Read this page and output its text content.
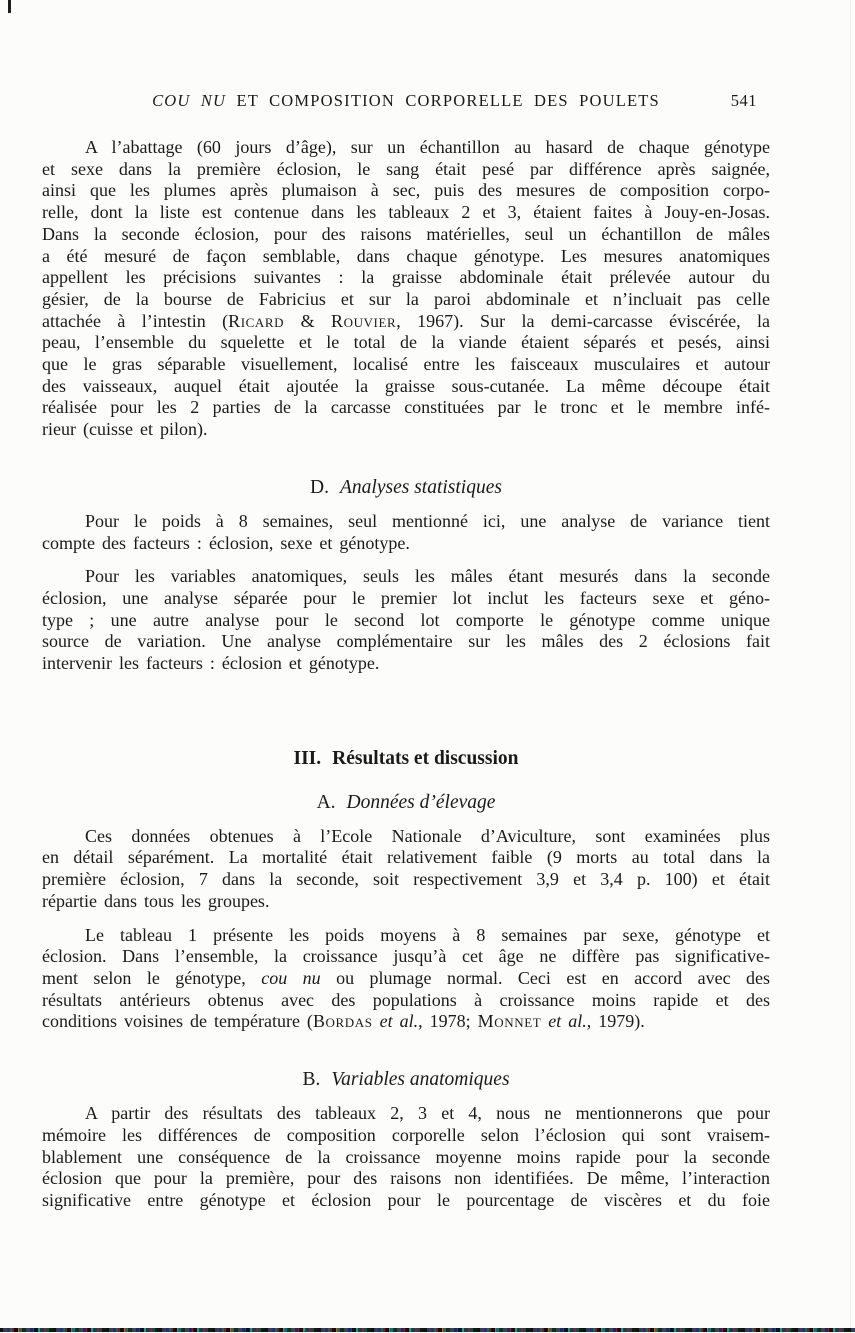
COU NU ET COMPOSITION CORPORELLE DES POULETS	541
A l’abattage (60 jours d’âge), sur un échantillon au hasard de chaque génotype
et sexe dans la première éclosion, le sang était pesé par différence après saignée,
ainsi que les plumes après plumaison à sec, puis des mesures de composition corpo-
relle, dont la liste est contenue dans les tableaux 2 et 3, étaient faites à Jouy-en-Josas.
Dans la seconde éclosion, pour des raisons matérielles, seul un échantillon de mâles
a été mesuré de façon semblable, dans chaque génotype. Les mesures anatomiques
appellent les précisions suivantes : la graisse abdominale était prélevée autour du
gésier, de la bourse de Fabricius et sur la paroi abdominale et n’incluait pas celle
attachée à l’intestin (Ricard & Rouvier, 1967). Sur la demi-carcasse éviscérée, la
peau, l’ensemble du squelette et le total de la viande étaient séparés et pesés, ainsi
que le gras séparable visuellement, localisé entre les faisceaux musculaires et autour
des vaisseaux, auquel était ajoutée la graisse sous-cutanée. La même découpe était
réalisée pour les 2 parties de la carcasse constituées par le tronc et le membre infé-
rieur (cuisse et pilon).
D. Analyses statistiques
Pour le poids à 8 semaines, seul mentionné ici, une analyse de variance tient
compte des facteurs : éclosion, sexe et génotype.
Pour les variables anatomiques, seuls les mâles étant mesurés dans la seconde
éclosion, une analyse séparée pour le premier lot inclut les facteurs sexe et géno-
type ; une autre analyse pour le second lot comporte le génotype comme unique
source de variation. Une analyse complémentaire sur les mâles des 2 éclosions fait
intervenir les facteurs : éclosion et génotype.
III. Résultats et discussion
A. Données d’élevage
Ces données obtenues à l’Ecole Nationale d’Aviculture, sont examinées plus
en détail séparément. La mortalité était relativement faible (9 morts au total dans la
première éclosion, 7 dans la seconde, soit respectivement 3,9 et 3,4 p. 100) et était
répartie dans tous les groupes.
Le tableau 1 présente les poids moyens à 8 semaines par sexe, génotype et
éclosion. Dans l’ensemble, la croissance jusqu’à cet âge ne diffère pas significative-
ment selon le génotype, cou nu ou plumage normal. Ceci est en accord avec des
résultats antérieurs obtenus avec des populations à croissance moins rapide et des
conditions voisines de température (Bordas et al., 1978; Monnet et al., 1979).
B. Variables anatomiques
A partir des résultats des tableaux 2, 3 et 4, nous ne mentionnerons que pour
mémoire les différences de composition corporelle selon l’éclosion qui sont vraisem-
blablement une conséquence de la croissance moyenne moins rapide pour la seconde
éclosion que pour la première, pour des raisons non identifiées. De même, l’interaction
significative entre génotype et éclosion pour le pourcentage de viscères et du foie
